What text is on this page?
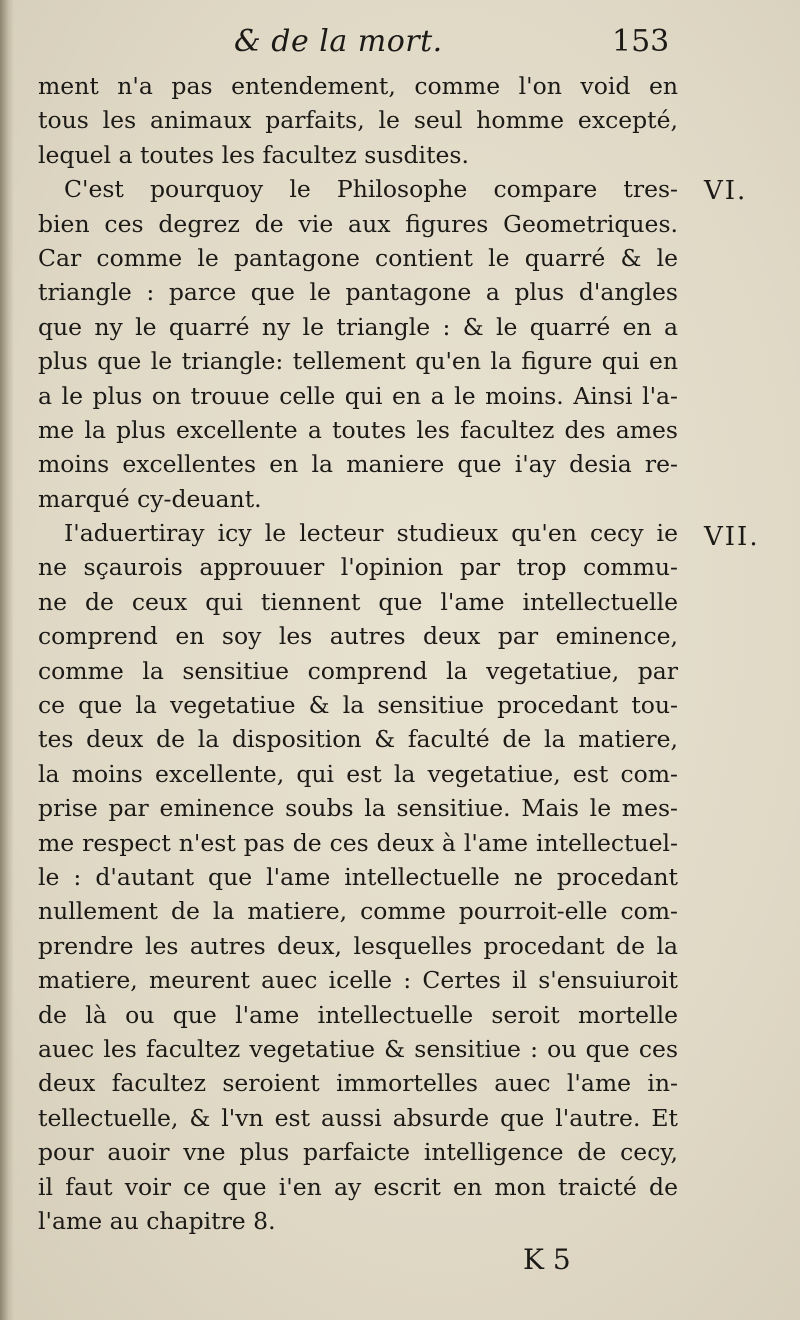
& de la mort.	153
ment n'a pas entendement, comme l'on void en
tous les animaux parfaits, le seul homme excepté,
lequel a toutes les facultez susdites.
C'est pourquoy le Philosophe compare tres-
bien ces degrez de vie aux figures Geometriques.
Car comme le pantagone contient le quarré & le
triangle : parce que le pantagone a plus d'angles
que ny le quarré ny le triangle : & le quarré en a
plus que le triangle: tellement qu'en la figure qui en
a le plus on trouue celle qui en a le moins. Ainsi l'a-
me la plus excellente a toutes les facultez des ames
moins excellentes en la maniere que i'ay desia re-
marqué cy-deuant.
I'aduertiray icy le lecteur studieux qu'en cecy ie
ne sçaurois approuuer l'opinion par trop commu-
ne de ceux qui tiennent que l'ame intellectuelle
comprend en soy les autres deux par eminence,
comme la sensitiue comprend la vegetatiue, par
ce que la vegetatiue & la sensitiue procedant tou-
tes deux de la disposition & faculté de la matiere,
la moins excellente, qui est la vegetatiue, est com-
prise par eminence soubs la sensitiue. Mais le mes-
me respect n'est pas de ces deux à l'ame intellectuel-
le : d'autant que l'ame intellectuelle ne procedant
nullement de la matiere, comme pourroit-elle com-
prendre les autres deux, lesquelles procedant de la
matiere, meurent auec icelle : Certes il s'ensuiuroit
de là ou que l'ame intellectuelle seroit mortelle
auec les facultez vegetatiue & sensitiue : ou que ces
deux facultez seroient immortelles auec l'ame in-
tellectuelle, & l'vn est aussi absurde que l'autre. Et
pour auoir vne plus parfaicte intelligence de cecy,
il faut voir ce que i'en ay escrit en mon traicté de
l'ame au chapitre 8.
VI.
VII.
K 5
